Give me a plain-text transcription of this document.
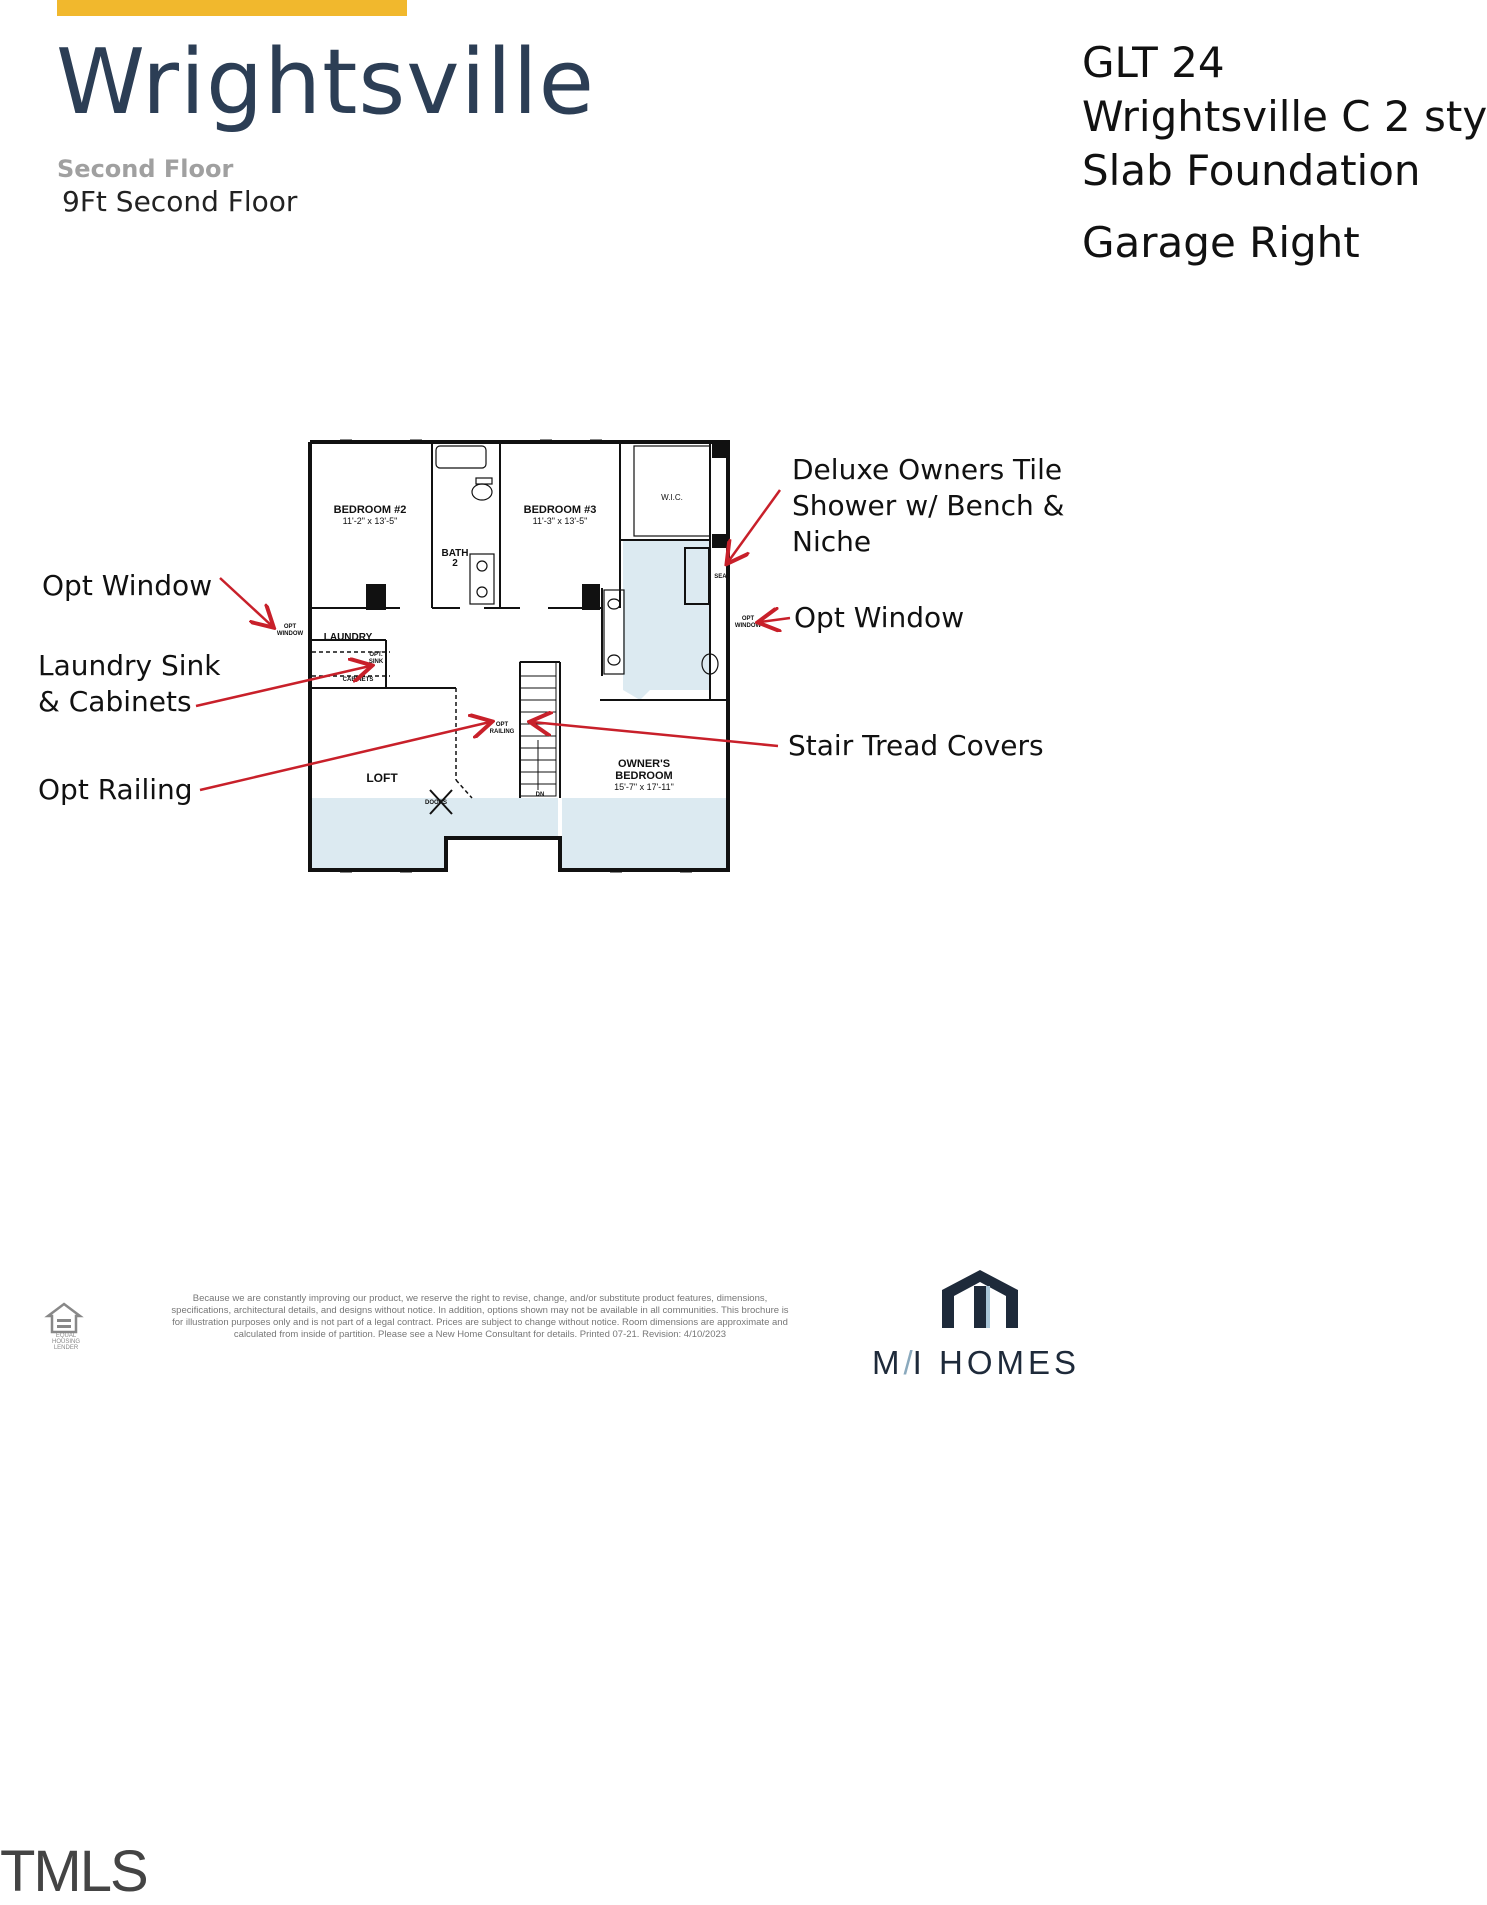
Wrightsville
Second Floor
9Ft Second Floor
GLT 24
Wrightsville C 2 sty
Slab Foundation
Garage Right
Deluxe Owners Tile
Shower w/ Bench &
Niche
Opt Window
Opt Window
Laundry Sink
& Cabinets
Stair Tread Covers
Opt Railing
BEDROOM #2
11'-2" x 13'-5"
BATH
2
BEDROOM #3
11'-3" x 13'-5"
W.I.C.
SEAT
LAUNDRY
OPT.
SINK
CABINETS
OPT
WINDOW
OPT
WINDOW
OPT
RAILING
LOFT
DOORS
DN
OWNER'S
BEDROOM
15'-7" x 17'-11"
EQUAL HOUSING LENDER
Because we are constantly improving our product, we reserve the right to revise, change, and/or substitute product features, dimensions, specifications, architectural details, and designs without notice. In addition, options shown may not be available in all communities. This brochure is for illustration purposes only and is not part of a legal contract. Prices are subject to change without notice. Room dimensions are approximate and calculated from inside of partition. Please see a New Home Consultant for details. Printed 07-21. Revision: 4/10/2023
M/I HOMES
TMLS
